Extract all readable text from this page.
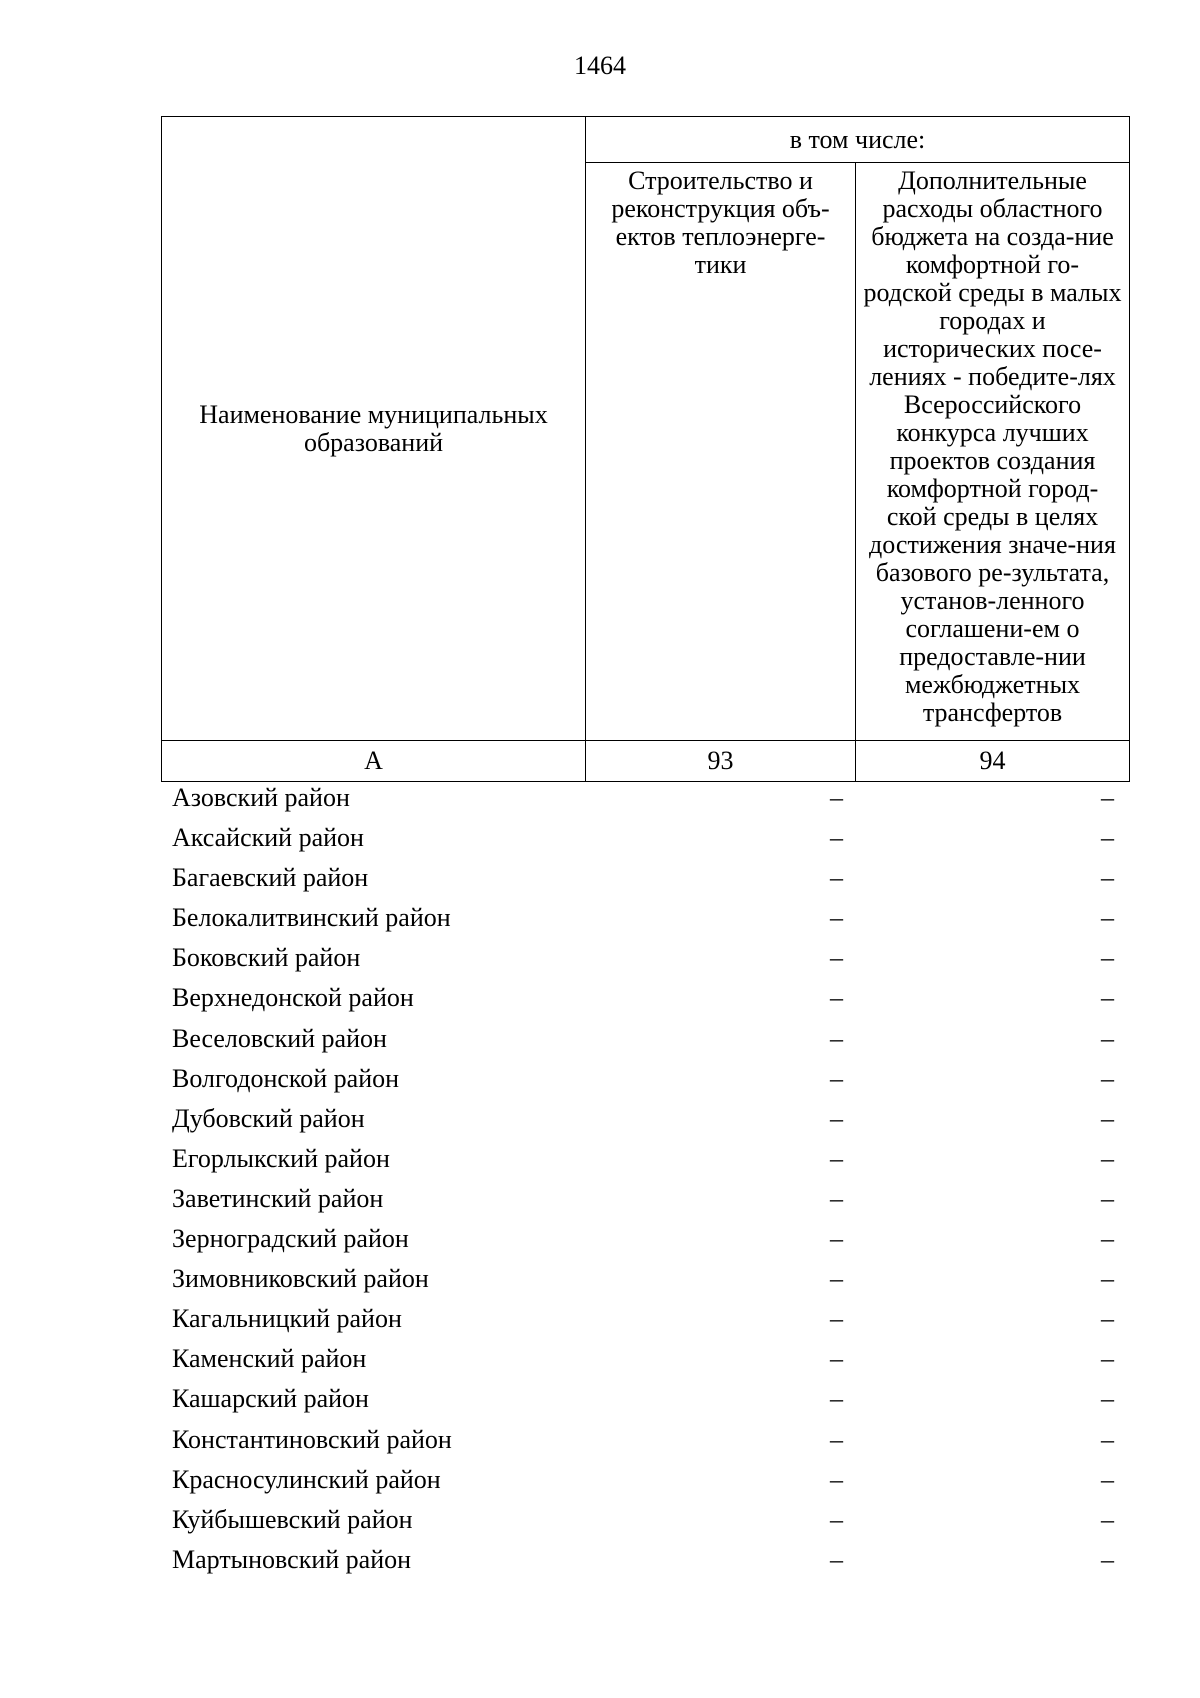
1464
Наименование муниципальных образований	в том числе:	
	Строительство и реконструкция объ-ектов теплоэнерге-тики	Дополнительные расходы областного бюджета на созда-ние комфортной го-родской среды в малых городах и исторических посе-лениях - победите-лях Всероссийского конкурса лучших проектов создания комфортной город-ской среды в целях достижения значе-ния базового ре-зультата, установ-ленного соглашени-ем о предоставле-нии межбюджетных трансфертов
А	93	94
Азовский район	–	–
Аксайский район	–	–
Багаевский район	–	–
Белокалитвинский район	–	–
Боковский район	–	–
Верхнедонской район	–	–
Веселовский район	–	–
Волгодонской район	–	–
Дубовский район	–	–
Егорлыкский район	–	–
Заветинский район	–	–
Зерноградский район	–	–
Зимовниковский район	–	–
Кагальницкий район	–	–
Каменский район	–	–
Кашарский район	–	–
Константиновский район	–	–
Красносулинский район	–	–
Куйбышевский район	–	–
Мартыновский район	–	–
